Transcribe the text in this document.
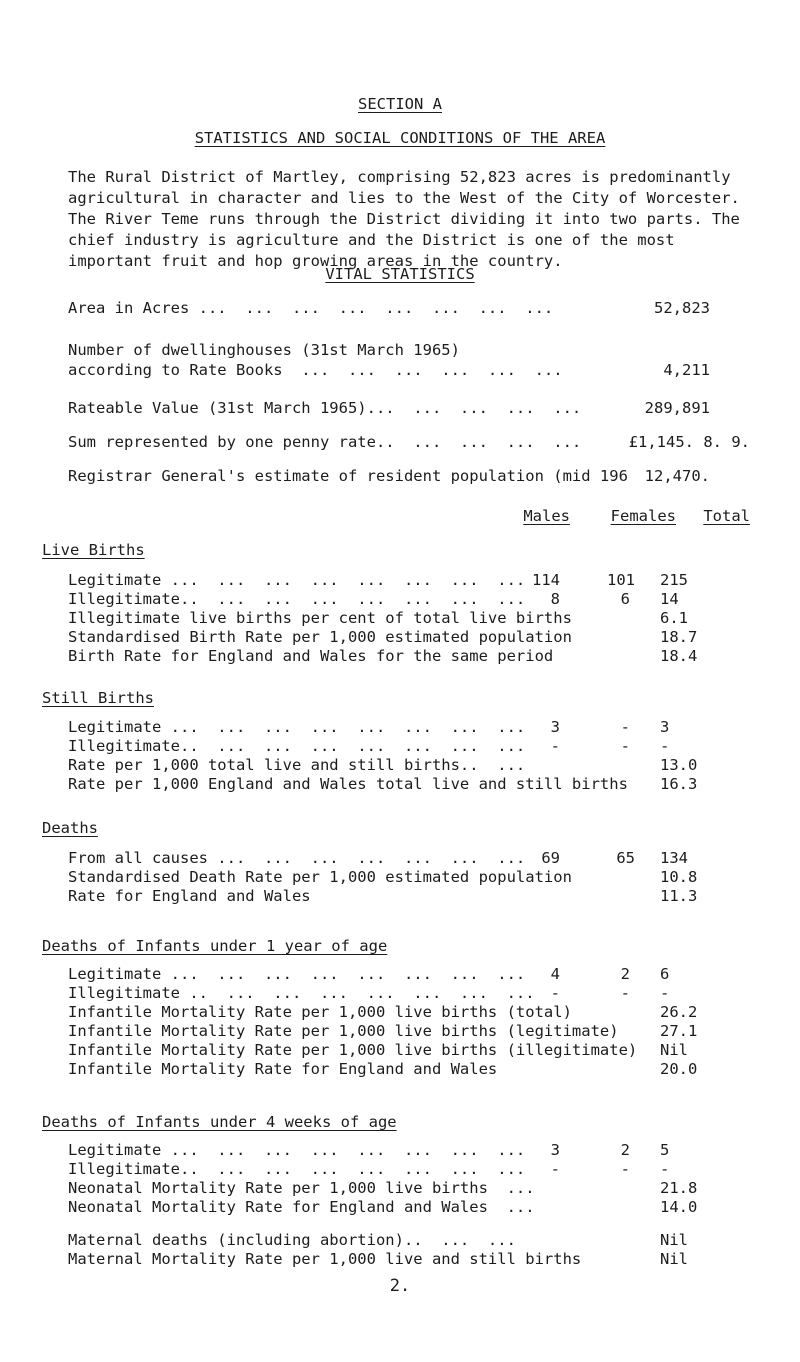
SECTION A
STATISTICS AND SOCIAL CONDITIONS OF THE AREA
The Rural District of Martley, comprising 52,823 acres is predominantly agricultural in character and lies to the West of the City of Worcester. The River Teme runs through the District dividing it into two parts. The chief industry is agriculture and the District is one of the most important fruit and hop growing areas in the country.
VITAL STATISTICS
Area in Acres ...  ...  ...  ...  ...  ...  ...  ...	52,823
Number of dwellinghouses (31st March 1965)
according to Rate Books  ...  ...  ...  ...  ...  ...	4,211
Rateable Value (31st March 1965)...  ...  ...  ...  ...	289,891
Sum represented by one penny rate..  ...  ...  ...  ...	£1,145. 8. 9.
Registrar General's estimate of resident population (mid 196	12,470.
Males	Females	Total
Live Births
Legitimate ...  ...  ...  ...  ...  ...  ...  ... 114	101 215
Illegitimate..  ...  ...  ...  ...  ...  ...  ...	8	6 14
Illegitimate live births per cent of total live births	6.1
Standardised Birth Rate per 1,000 estimated population	18.7
Birth Rate for England and Wales for the same period	18.4
Still Births
Legitimate ...  ...  ...  ...  ...  ...  ...  ...	3	- 3
Illegitimate..  ...  ...  ...  ...  ...  ...  ...	-	- -
Rate per 1,000 total live and still births..  ...	13.0
Rate per 1,000 England and Wales total live and still births 16.3
Deaths
From all causes ...  ...  ...  ...  ...  ...  ...	69	65 134
Standardised Death Rate per 1,000 estimated population	10.8
Rate for England and Wales	11.3
Deaths of Infants under 1 year of age
Legitimate ...  ...  ...  ...  ...  ...  ...  ...	4	2 6
Illegitimate ..  ...  ...  ...  ...  ...  ...  ...	-	- -
Infantile Mortality Rate per 1,000 live births (total)	26.2
Infantile Mortality Rate per 1,000 live births (legitimate)	27.1
Infantile Mortality Rate per 1,000 live births (illegitimate) Nil
Infantile Mortality Rate for England and Wales	20.0
Deaths of Infants under 4 weeks of age
Legitimate ...  ...  ...  ...  ...  ...  ...  ...	3	2 5
Illegitimate..  ...  ...  ...  ...  ...  ...  ...	-	- -
Neonatal Mortality Rate per 1,000 live births  ...	21.8
Neonatal Mortality Rate for England and Wales  ...	14.0
Maternal deaths (including abortion)..  ...  ...	Nil
Maternal Mortality Rate per 1,000 live and still births	Nil
2.
